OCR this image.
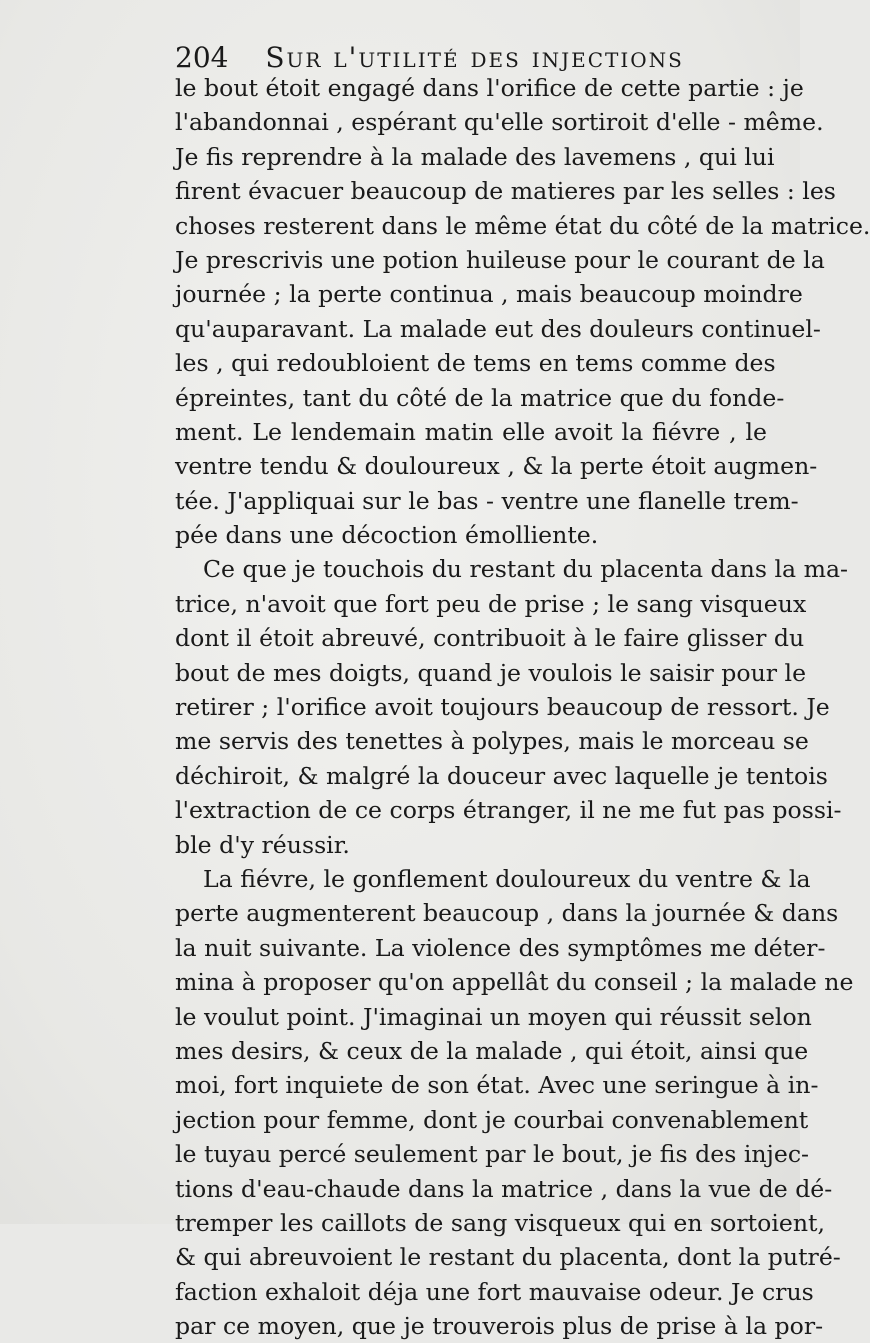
204 Sur l'utilité des injections
le bout étoit engagé dans l'orifice de cette partie : je
l'abandonnai , espérant qu'elle sortiroit d'elle - même.
Je fis reprendre à la malade des lavemens , qui lui
firent évacuer beaucoup de matieres par les selles : les
choses resterent dans le même état du côté de la matrice.
Je prescrivis une potion huileuse pour le courant de la
journée ; la perte continua , mais beaucoup moindre
qu'auparavant. La malade eut des douleurs continuel-
les , qui redoubloient de tems en tems comme des
épreintes, tant du côté de la matrice que du fonde-
ment. Le lendemain matin elle avoit la fiévre , le
ventre tendu & douloureux , & la perte étoit augmen-
tée. J'appliquai sur le bas - ventre une flanelle trem-
pée dans une décoction émolliente.
Ce que je touchois du restant du placenta dans la ma-
trice, n'avoit que fort peu de prise ; le sang visqueux
dont il étoit abreuvé, contribuoit à le faire glisser du
bout de mes doigts, quand je voulois le saisir pour le
retirer ; l'orifice avoit toujours beaucoup de ressort. Je
me servis des tenettes à polypes, mais le morceau se
déchiroit, & malgré la douceur avec laquelle je tentois
l'extraction de ce corps étranger, il ne me fut pas possi-
ble d'y réussir.
La fiévre, le gonflement douloureux du ventre & la
perte augmenterent beaucoup , dans la journée & dans
la nuit suivante. La violence des symptômes me déter-
mina à proposer qu'on appellât du conseil ; la malade ne
le voulut point. J'imaginai un moyen qui réussit selon
mes desirs, & ceux de la malade , qui étoit, ainsi que
moi, fort inquiete de son état. Avec une seringue à in-
jection pour femme, dont je courbai convenablement
le tuyau percé seulement par le bout, je fis des injec-
tions d'eau-chaude dans la matrice , dans la vue de dé-
tremper les caillots de sang visqueux qui en sortoient,
& qui abreuvoient le restant du placenta, dont la putré-
faction exhaloit déja une fort mauvaise odeur. Je crus
par ce moyen, que je trouverois plus de prise à la por-
